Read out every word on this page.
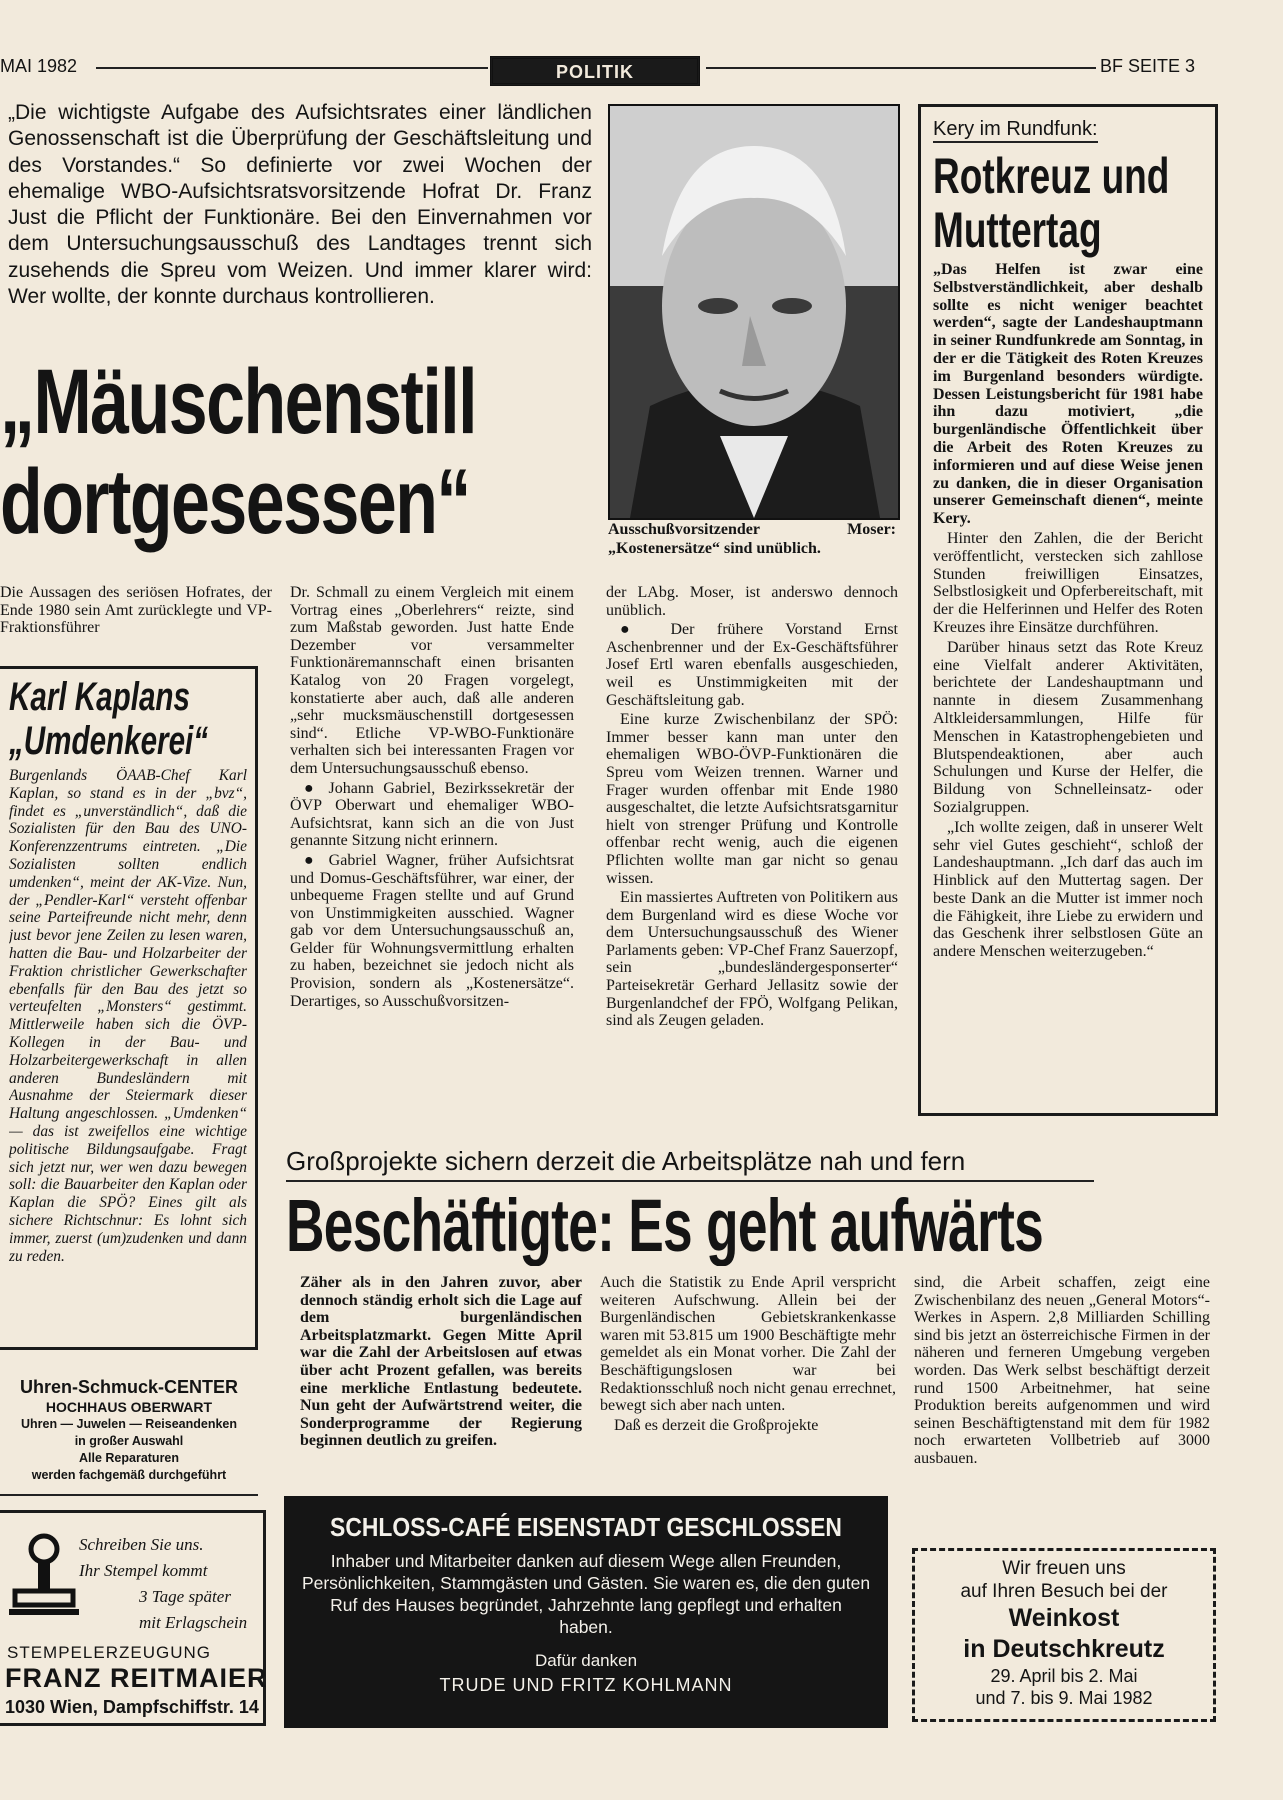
MAI 1982	POLITIK	BF SEITE 3
„Die wichtigste Aufgabe des Aufsichtsrates einer ländlichen Genossenschaft ist die Überprüfung der Geschäftsleitung und des Vorstandes.“ So definierte vor zwei Wochen der ehemalige WBO-Aufsichtsratsvorsitzende Hofrat Dr. Franz Just die Pflicht der Funktionäre. Bei den Einvernahmen vor dem Untersuchungsausschuß des Landtages trennt sich zusehends die Spreu vom Weizen. Und immer klarer wird: Wer wollte, der konnte durchaus kontrollieren.
„Mäuschenstill
dortgesessen“	Ausschußvorsitzender Moser: „Kostenersätze“ sind unüblich.
Kery im Rundfunk:
Rotkreuz und
Muttertag

„Das Helfen ist zwar eine Selbstverständlichkeit, aber deshalb sollte es nicht weniger beachtet werden“, sagte der Landeshauptmann in seiner Rundfunkrede am Sonntag, in der er die Tätigkeit des Roten Kreuzes im Burgenland besonders würdigte. Dessen Leistungsbericht für 1981 habe ihn dazu motiviert, „die burgenländische Öffentlichkeit über die Arbeit des Roten Kreuzes zu informieren und auf diese Weise jenen zu danken, die in dieser Organisation unserer Gemeinschaft dienen“, meinte Kery.

Hinter den Zahlen, die der Bericht veröffentlicht, verstecken sich zahllose Stunden freiwilligen Einsatzes, Selbstlosigkeit und Opferbereitschaft, mit der die Helferinnen und Helfer des Roten Kreuzes ihre Einsätze durchführen.

Darüber hinaus setzt das Rote Kreuz eine Vielfalt anderer Aktivitäten, berichtete der Landeshauptmann und nannte in diesem Zusammenhang Altkleidersammlungen, Hilfe für Menschen in Katastrophengebieten und Blutspendeaktionen, aber auch Schulungen und Kurse der Helfer, die Bildung von Schnelleinsatz- oder Sozialgruppen.

„Ich wollte zeigen, daß in unserer Welt sehr viel Gutes geschieht“, schloß der Landeshauptmann. „Ich darf das auch im Hinblick auf den Muttertag sagen. Der beste Dank an die Mutter ist immer noch die Fähigkeit, ihre Liebe zu erwidern und das Geschenk ihrer selbstlosen Güte an andere Menschen weiterzugeben.“

Die Aussagen des seriösen Hofrates, der Ende 1980 sein Amt zurücklegte und VP-Fraktionsführer

Dr. Schmall zu einem Vergleich mit einem Vortrag eines „Oberlehrers“ reizte, sind zum Maßstab geworden. Just hatte Ende Dezember vor versammelter Funktionäremannschaft einen brisanten Katalog von 20 Fragen vorgelegt, konstatierte aber auch, daß alle anderen „sehr mucksmäuschenstill dortgesessen sind“. Etliche VP-WBO-Funktionäre verhalten sich bei interessanten Fragen vor dem Untersuchungsausschuß ebenso.

● Johann Gabriel, Bezirkssekretär der ÖVP Oberwart und ehemaliger WBO-Aufsichtsrat, kann sich an die von Just genannte Sitzung nicht erinnern.

● Gabriel Wagner, früher Aufsichtsrat und Domus-Geschäftsführer, war einer, der unbequeme Fragen stellte und auf Grund von Unstimmigkeiten ausschied. Wagner gab vor dem Untersuchungsausschuß an, Gelder für Wohnungsvermittlung erhalten zu haben, bezeichnet sie jedoch nicht als Provision, sondern als „Kostenersätze“. Derartiges, so Ausschußvorsitzen-

der LAbg. Moser, ist anderswo dennoch unüblich.

● Der frühere Vorstand Ernst Aschenbrenner und der Ex-Geschäftsführer Josef Ertl waren ebenfalls ausgeschieden, weil es Unstimmigkeiten mit der Geschäftsleitung gab.

Eine kurze Zwischenbilanz der SPÖ: Immer besser kann man unter den ehemaligen WBO-ÖVP-Funktionären die Spreu vom Weizen trennen. Warner und Frager wurden offenbar mit Ende 1980 ausgeschaltet, die letzte Aufsichtsratsgarnitur hielt von strenger Prüfung und Kontrolle offenbar recht wenig, auch die eigenen Pflichten wollte man gar nicht so genau wissen.

Ein massiertes Auftreten von Politikern aus dem Burgenland wird es diese Woche vor dem Untersuchungsausschuß des Wiener Parlaments geben: VP-Chef Franz Sauerzopf, sein „bundesländergesponserter“ Parteisekretär Gerhard Jellasitz sowie der Burgenlandchef der FPÖ, Wolfgang Pelikan, sind als Zeugen geladen.

Karl Kaplans
„Umdenkerei“
Burgenlands ÖAAB-Chef Karl Kaplan, so stand es in der „bvz“, findet es „unverständlich“, daß die Sozialisten für den Bau des UNO-Konferenzzentrums eintreten. „Die Sozialisten sollten endlich umdenken“, meint der AK-Vize. Nun, der „Pendler-Karl“ versteht offenbar seine Parteifreunde nicht mehr, denn just bevor jene Zeilen zu lesen waren, hatten die Bau- und Holzarbeiter der Fraktion christlicher Gewerkschafter ebenfalls für den Bau des jetzt so verteufelten „Monsters“ gestimmt. Mittlerweile haben sich die ÖVP-Kollegen in der Bau- und Holzarbeitergewerkschaft in allen anderen Bundesländern mit Ausnahme der Steiermark dieser Haltung angeschlossen. „Umdenken“ — das ist zweifellos eine wichtige politische Bildungsaufgabe. Fragt sich jetzt nur, wer wen dazu bewegen soll: die Bauarbeiter den Kaplan oder Kaplan die SPÖ? Eines gilt als sichere Richtschnur: Es lohnt sich immer, zuerst (um)zudenken und dann zu reden.
Großprojekte sichern derzeit die Arbeitsplätze nah und fern
Beschäftigte: Es geht aufwärts
Zäher als in den Jahren zuvor, aber dennoch ständig erholt sich die Lage auf dem burgenländischen Arbeitsplatzmarkt. Gegen Mitte April war die Zahl der Arbeitslosen auf etwas über acht Prozent gefallen, was bereits eine merkliche Entlastung bedeutete. Nun geht der Aufwärtstrend weiter, die Sonderprogramme der Regierung beginnen deutlich zu greifen.

Auch die Statistik zu Ende April verspricht weiteren Aufschwung. Allein bei der Burgenländischen Gebietskrankenkasse waren mit 53.815 um 1900 Beschäftigte mehr gemeldet als ein Monat vorher. Die Zahl der Beschäftigungslosen war bei Redaktionsschluß noch nicht genau errechnet, bewegt sich aber nach unten.

Daß es derzeit die Großprojekte

sind, die Arbeit schaffen, zeigt eine Zwischenbilanz des neuen „General Motors“-Werkes in Aspern. 2,8 Milliarden Schilling sind bis jetzt an österreichische Firmen in der näheren und ferneren Umgebung vergeben worden. Das Werk selbst beschäftigt derzeit rund 1500 Arbeitnehmer, hat seine Produktion bereits aufgenommen und wird seinen Beschäftigtenstand mit dem für 1982 noch erwarteten Vollbetrieb auf 3000 ausbauen.
Uhren-Schmuck-CENTER
HOCHHAUS OBERWART
Uhren — Juwelen — Reiseandenken
in großer Auswahl
Alle Reparaturen
werden fachgemäß durchgeführt
Schreiben Sie uns.
Ihr Stempel kommt
3 Tage später
mit Erlagschein
STEMPELERZEUGUNG
FRANZ REITMAIER
1030 Wien, Dampfschiffstr. 14
SCHLOSS-CAFÉ EISENSTADT GESCHLOSSEN
Inhaber und Mitarbeiter danken auf diesem Wege allen Freunden, Persönlichkeiten, Stammgästen und Gästen. Sie waren es, die den guten Ruf des Hauses begründet, Jahrzehnte lang gepflegt und erhalten haben.
Dafür danken
TRUDE UND FRITZ KOHLMANN
Wir freuen uns
auf Ihren Besuch bei der
Weinkost
in Deutschkreutz
29. April bis 2. Mai
und 7. bis 9. Mai 1982
